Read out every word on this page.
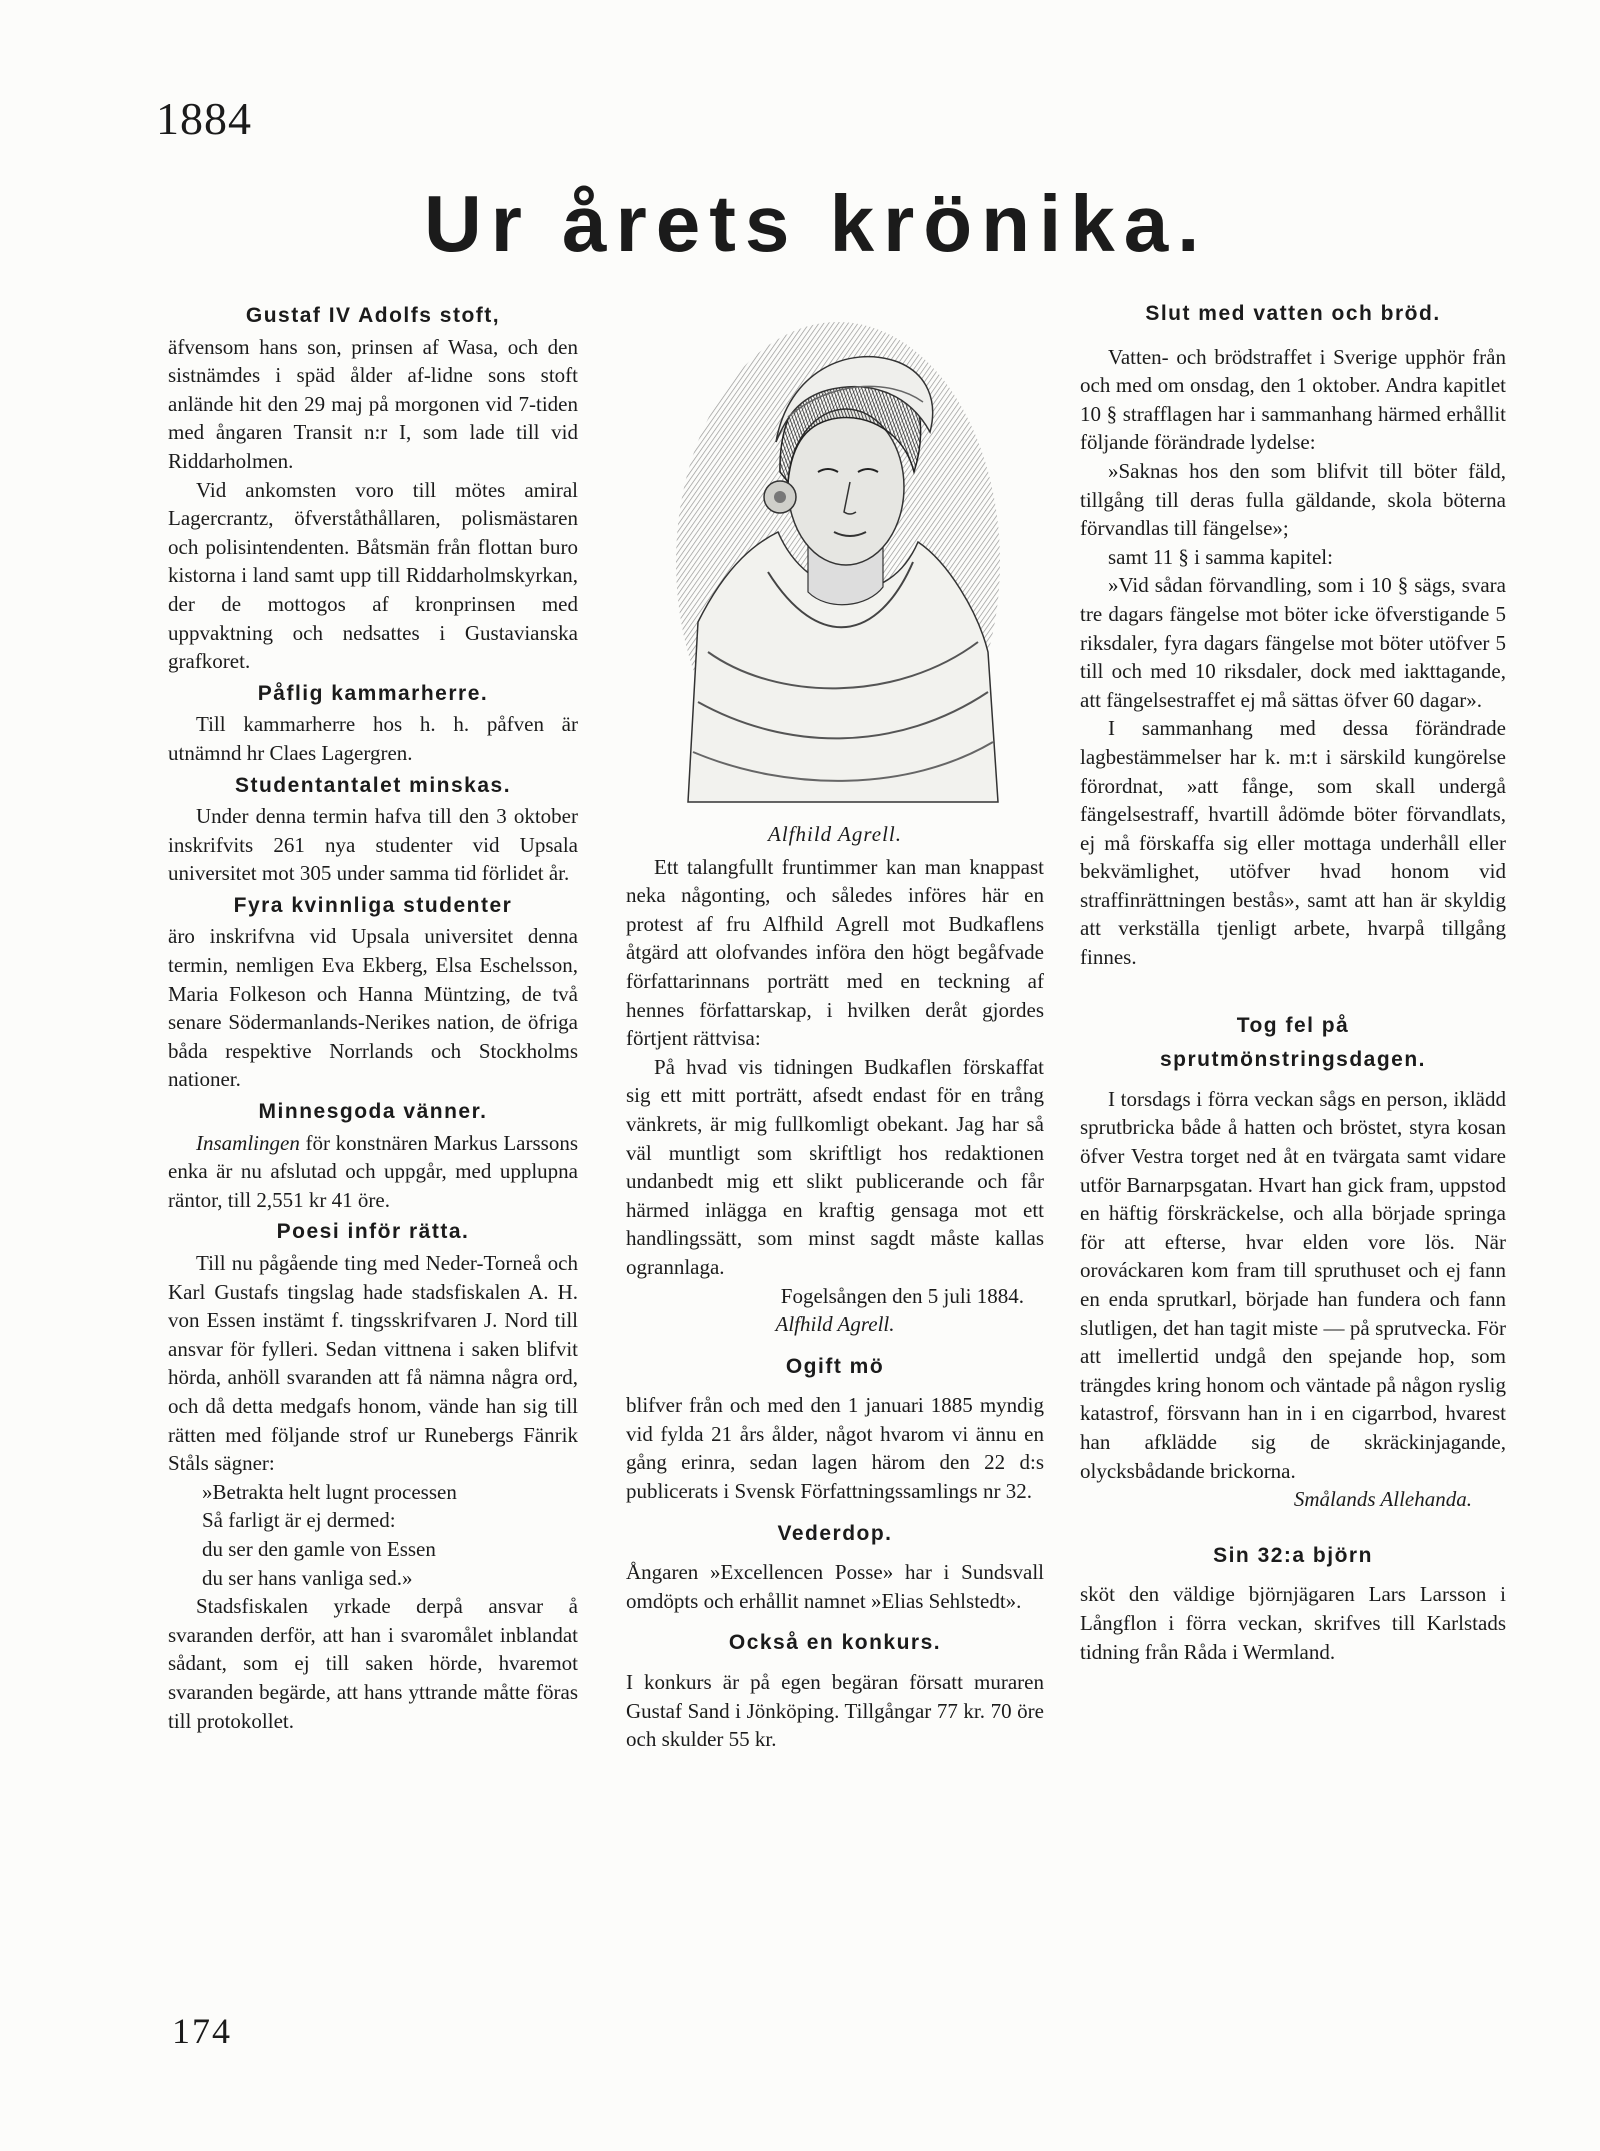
1884
Ur årets krönika.
Gustaf IV Adolfs stoft,

äfvensom hans son, prinsen af Wasa, och den sistnämdes i späd ålder af-lidne sons stoft anlände hit den 29 maj på morgonen vid 7-tiden med ångaren Transit n:r I, som lade till vid Riddarholmen.

Vid ankomsten voro till mötes amiral Lagercrantz, öfverståthållaren, polismästaren och polisintendenten. Båtsmän från flottan buro kistorna i land samt upp till Riddarholmskyrkan, der de mottogos af kronprinsen med uppvaktning och nedsattes i Gustavianska grafkoret.

Påflig kammarherre.

Till kammarherre hos h. h. påfven är utnämnd hr Claes Lagergren.

Studentantalet minskas.

Under denna termin hafva till den 3 oktober inskrifvits 261 nya studenter vid Upsala universitet mot 305 under samma tid förlidet år.

Fyra kvinnliga studenter

äro inskrifvna vid Upsala universitet denna termin, nemligen Eva Ekberg, Elsa Eschelsson, Maria Folkeson och Hanna Müntzing, de två senare Södermanlands-Nerikes nation, de öfriga båda respektive Norrlands och Stockholms nationer.

Minnesgoda vänner.

Insamlingen för konstnären Markus Larssons enka är nu afslutad och uppgår, med upplupna räntor, till 2,551 kr 41 öre.

Poesi inför rätta.

Till nu pågående ting med Neder-Torneå och Karl Gustafs tingslag hade stadsfiskalen A. H. von Essen instämt f. tingsskrifvaren J. Nord till ansvar för fylleri. Sedan vittnena i saken blifvit hörda, anhöll svaranden att få nämna några ord, och då detta medgafs honom, vände han sig till rätten med följande strof ur Runebergs Fänrik Ståls sägner:

»Betrakta helt lugnt processen

Så farligt är ej dermed:

du ser den gamle von Essen

du ser hans vanliga sed.»

Stadsfiskalen yrkade derpå ansvar å svaranden derför, att han i svaromålet inblandat sådant, som ej till saken hörde, hvaremot svaranden begärde, att hans yttrande måtte föras till protokollet.

Alfhild Agrell.

Ett talangfullt fruntimmer kan man knappast neka någonting, och således införes här en protest af fru Alfhild Agrell mot Budkaflens åtgärd att olofvandes införa den högt begåfvade författarinnans porträtt med en teckning af hennes författarskap, i hvilken deråt gjordes förtjent rättvisa:

På hvad vis tidningen Budkaflen förskaffat sig ett mitt porträtt, afsedt endast för en trång vänkrets, är mig fullkomligt obekant. Jag har så väl muntligt som skriftligt hos redaktionen undanbedt mig ett slikt publicerande och får härmed inlägga en kraftig gensaga mot ett handlingssätt, som minst sagdt måste kallas ogrannlaga.

Fogelsången den 5 juli 1884.

Alfhild Agrell.
Ogift mö

blifver från och med den 1 januari 1885 myndig vid fylda 21 års ålder, något hvarom vi ännu en gång erinra, sedan lagen härom den 22 d:s publicerats i Svensk Författningssamlings nr 32.

Vederdop.

Ångaren »Excellencen Posse» har i Sundsvall omdöpts och erhållit namnet »Elias Sehlstedt».

Också en konkurs.

I konkurs är på egen begäran försatt muraren Gustaf Sand i Jönköping. Tillgångar 77 kr. 70 öre och skulder 55 kr.

Slut med vatten och bröd.

Vatten- och brödstraffet i Sverige upphör från och med om onsdag, den 1 oktober. Andra kapitlet 10 § strafflagen har i sammanhang härmed erhållit följande förändrade lydelse:

»Saknas hos den som blifvit till böter fäld, tillgång till deras fulla gäldande, skola böterna förvandlas till fängelse»;

samt 11 § i samma kapitel:

»Vid sådan förvandling, som i 10 § sägs, svara tre dagars fängelse mot böter icke öfverstigande 5 riksdaler, fyra dagars fängelse mot böter utöfver 5 till och med 10 riksdaler, dock med iakttagande, att fängelsestraffet ej må sättas öfver 60 dagar».

I sammanhang med dessa förändrade lagbestämmelser har k. m:t i särskild kungörelse förordnat, »att fånge, som skall undergå fängelsestraff, hvartill ådömde böter förvandlats, ej må förskaffa sig eller mottaga underhåll eller bekvämlighet, utöfver hvad honom vid straffinrättningen bestås», samt att han är skyldig att verkställa tjenligt arbete, hvarpå tillgång finnes.

Tog fel på
sprutmönstringsdagen.

I torsdags i förra veckan sågs en person, iklädd sprutbricka både å hatten och bröstet, styra kosan öfver Vestra torget ned åt en tvärgata samt vidare utför Barnarpsgatan. Hvart han gick fram, uppstod en häftig förskräckelse, och alla började springa för att efterse, hvar elden vore lös. När orováckaren kom fram till spruthuset och ej fann en enda sprutkarl, började han fundera och fann slutligen, det han tagit miste — på sprutvecka. För att imellertid undgå den spejande hop, som trängdes kring honom och väntade på någon ryslig katastrof, försvann han in i en cigarrbod, hvarest han afklädde sig de skräckinjagande, olycksbådande brickorna.

Smålands Allehanda.
Sin 32:a björn

sköt den väldige björnjägaren Lars Larsson i Långflon i förra veckan, skrifves till Karlstads tidning från Råda i Wermland.

174
